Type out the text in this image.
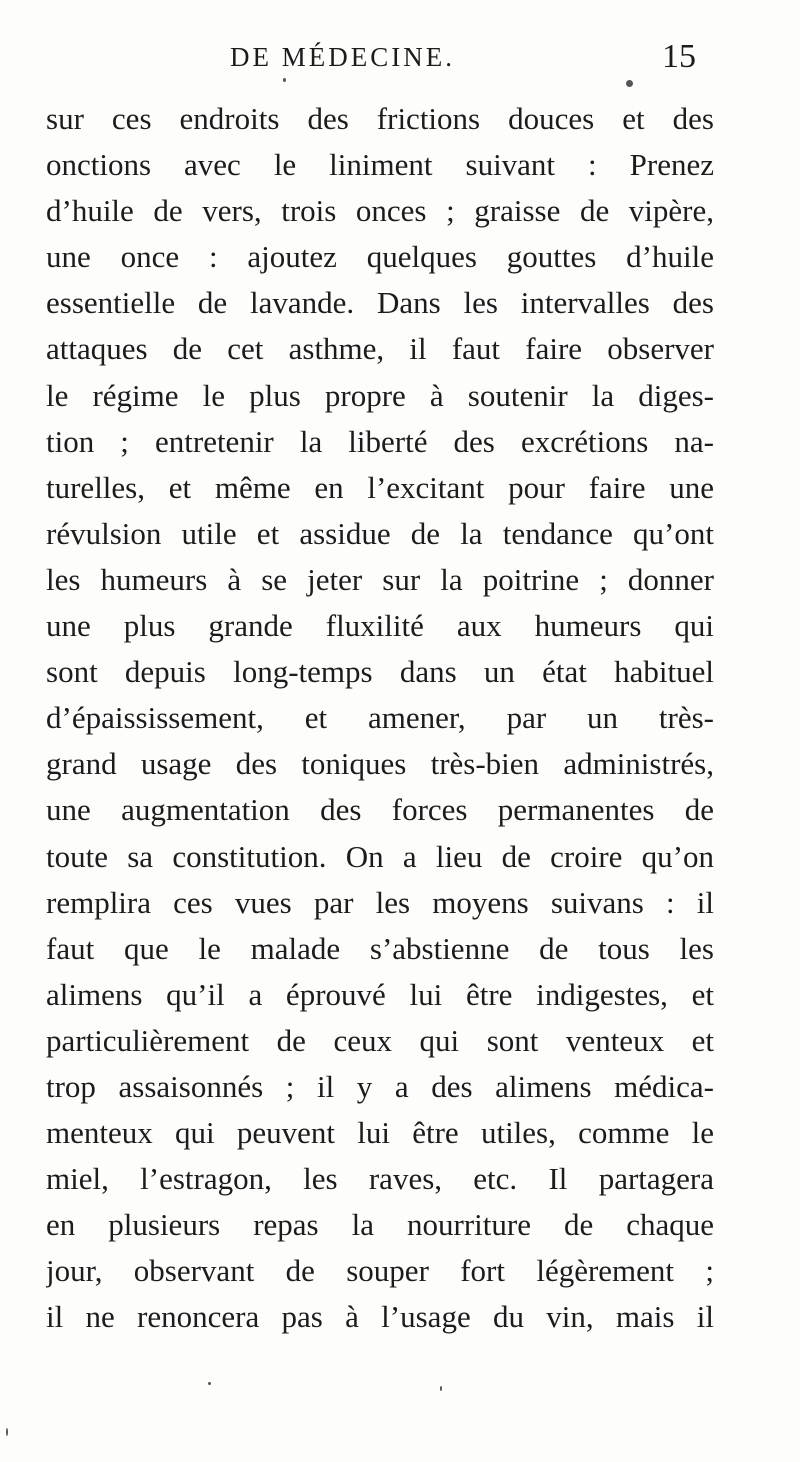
DE MÉDECINE.	15
sur ces endroits des frictions douces et des
onctions avec le liniment suivant : Prenez
d’huile de vers, trois onces ; graisse de vipère,
une once : ajoutez quelques gouttes d’huile
essentielle de lavande. Dans les intervalles des
attaques de cet asthme, il faut faire observer
le régime le plus propre à soutenir la diges-
tion ; entretenir la liberté des excrétions na-
turelles, et même en l’excitant pour faire une
révulsion utile et assidue de la tendance qu’ont
les humeurs à se jeter sur la poitrine ; donner
une plus grande fluxilité aux humeurs qui
sont depuis long-temps dans un état habituel
d’épaississement, et amener, par un très-
grand usage des toniques très-bien administrés,
une augmentation des forces permanentes de
toute sa constitution. On a lieu de croire qu’on
remplira ces vues par les moyens suivans : il
faut que le malade s’abstienne de tous les
alimens qu’il a éprouvé lui être indigestes, et
particulièrement de ceux qui sont venteux et
trop assaisonnés ; il y a des alimens médica-
menteux qui peuvent lui être utiles, comme le
miel, l’estragon, les raves, etc. Il partagera
en plusieurs repas la nourriture de chaque
jour, observant de souper fort légèrement ;
il ne renoncera pas à l’usage du vin, mais il
